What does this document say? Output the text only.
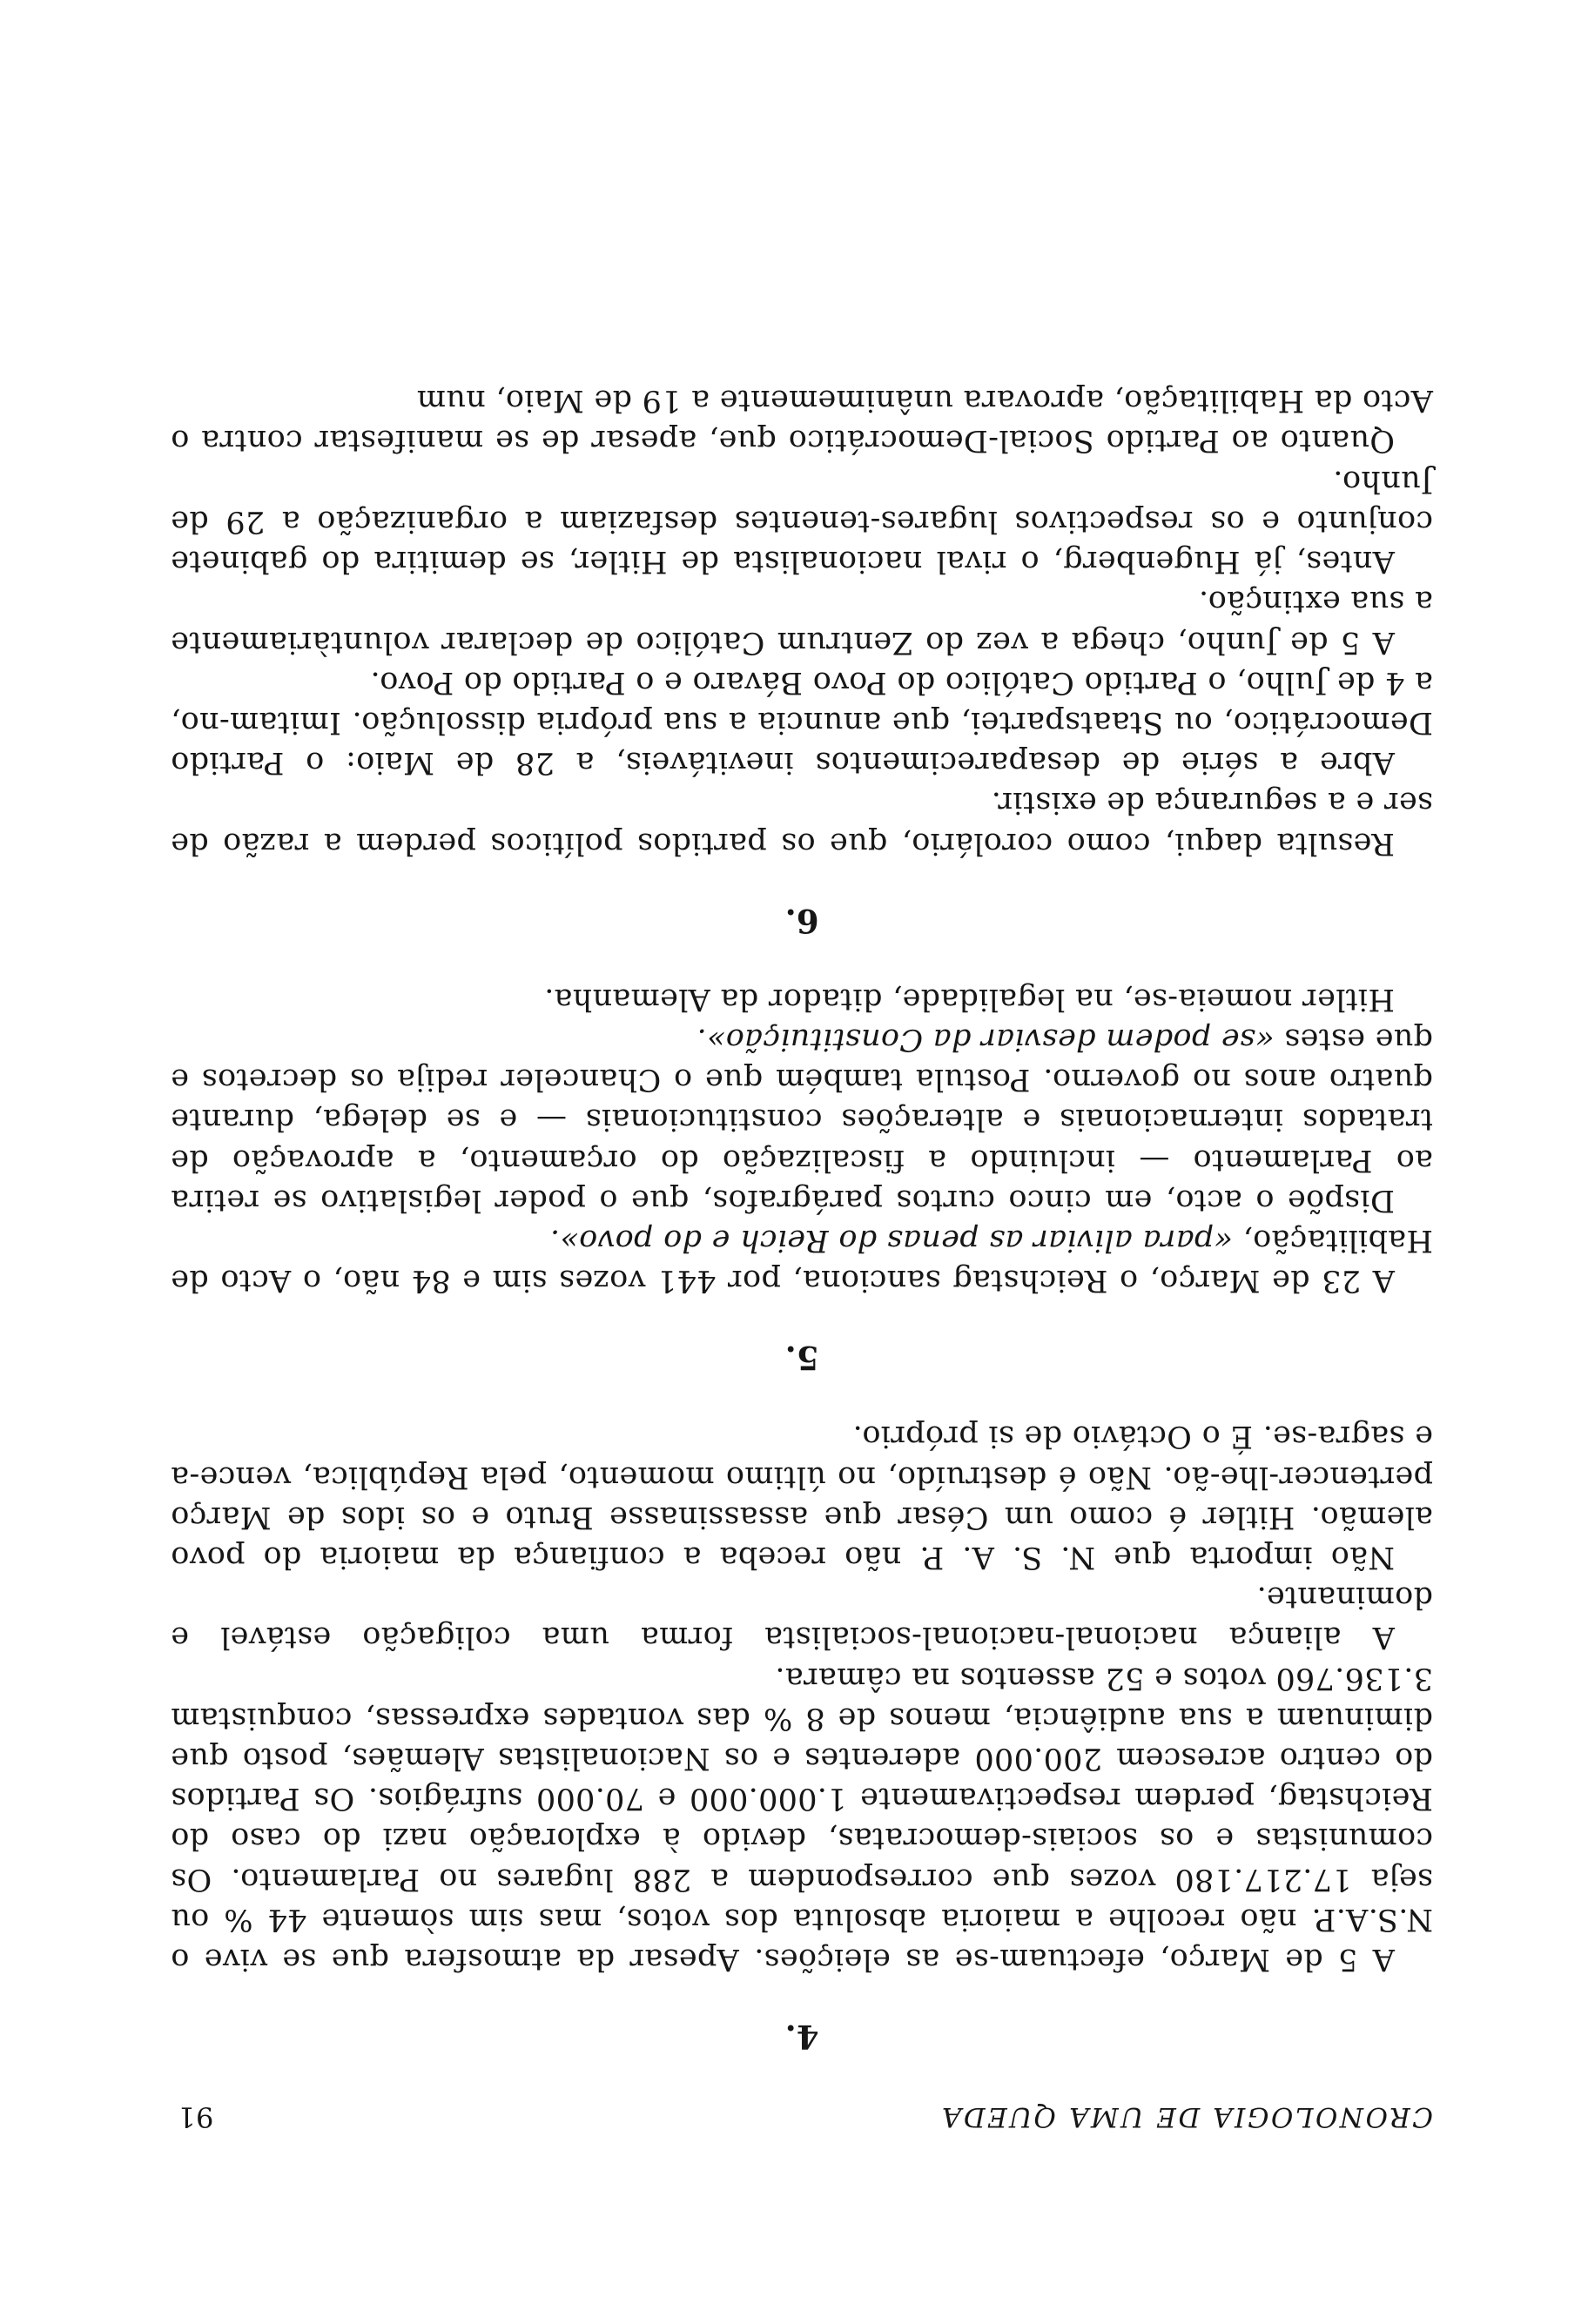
CRONOLOGIA DE UMA QUEDA
91
4.

A 5 de Março, efectuam-se as eleições. Apesar da atmosfera que se vive o N.S.A.P. não recolhe a maioria absoluta dos votos, mas sim sòmente 44 % ou seja 17.217.180 vozes que correspondem a 288 lugares no Parlamento. Os comunistas e os sociais-democratas, devido à exploração nazi do caso do Reichstag, perdem respectivamente 1.000.000 e 70.000 sufrágios. Os Partidos do centro acrescem 200.000 aderentes e os Nacionalistas Alemães, posto que diminuam a sua audiência, menos de 8 % das vontades expressas, conquistam 3.136.760 votos e 52 assentos na câmara.

A aliança nacional-nacional-socialista forma uma coligação estável e dominante.

Não importa que N. S. A. P. não receba a confiança da maioria do povo alemão. Hitler é como um César que assassinasse Bruto e os idos de Março pertencer-lhe-ão. Não é destruído, no último momento, pela República, vence-a e sagra-se. É o Octávio de si próprio.

5.

A 23 de Março, o Reichstag sanciona, por 441 vozes sim e 84 não, o Acto de Habilitação, «para aliviar as penas do Reich e do povo».

Dispõe o acto, em cinco curtos parágrafos, que o poder legislativo se retira ao Parlamento — incluindo a fiscalização do orçamento, a aprovação de tratados internacionais e alterações constitucionais — e se delega, durante quatro anos no governo. Postula também que o Chanceler redija os decretos e que estes «se podem desviar da Constituição».

Hitler nomeia-se, na legalidade, ditador da Alemanha.

6.

Resulta daqui, como corolário, que os partidos políticos perdem a razão de ser e a segurança de existir.

Abre a série de desaparecimentos inevitáveis, a 28 de Maio: o Partido Democrático, ou Staatspartei, que anuncia a sua própria dissolução. Imitam-no, a 4 de Julho, o Partido Católico do Povo Bávaro e o Partido do Povo.

A 5 de Junho, chega a vez do Zentrum Católico de declarar voluntàriamente a sua extinção.

Antes, já Hugenberg, o rival nacionalista de Hitler, se demitira do gabinete conjunto e os respectivos lugares-tenentes desfaziam a organização a 29 de Junho.

Quanto ao Partido Social-Democrático que, apesar de se manifestar contra o Acto da Habilitação, aprovara unânimemente a 19 de Maio, num
